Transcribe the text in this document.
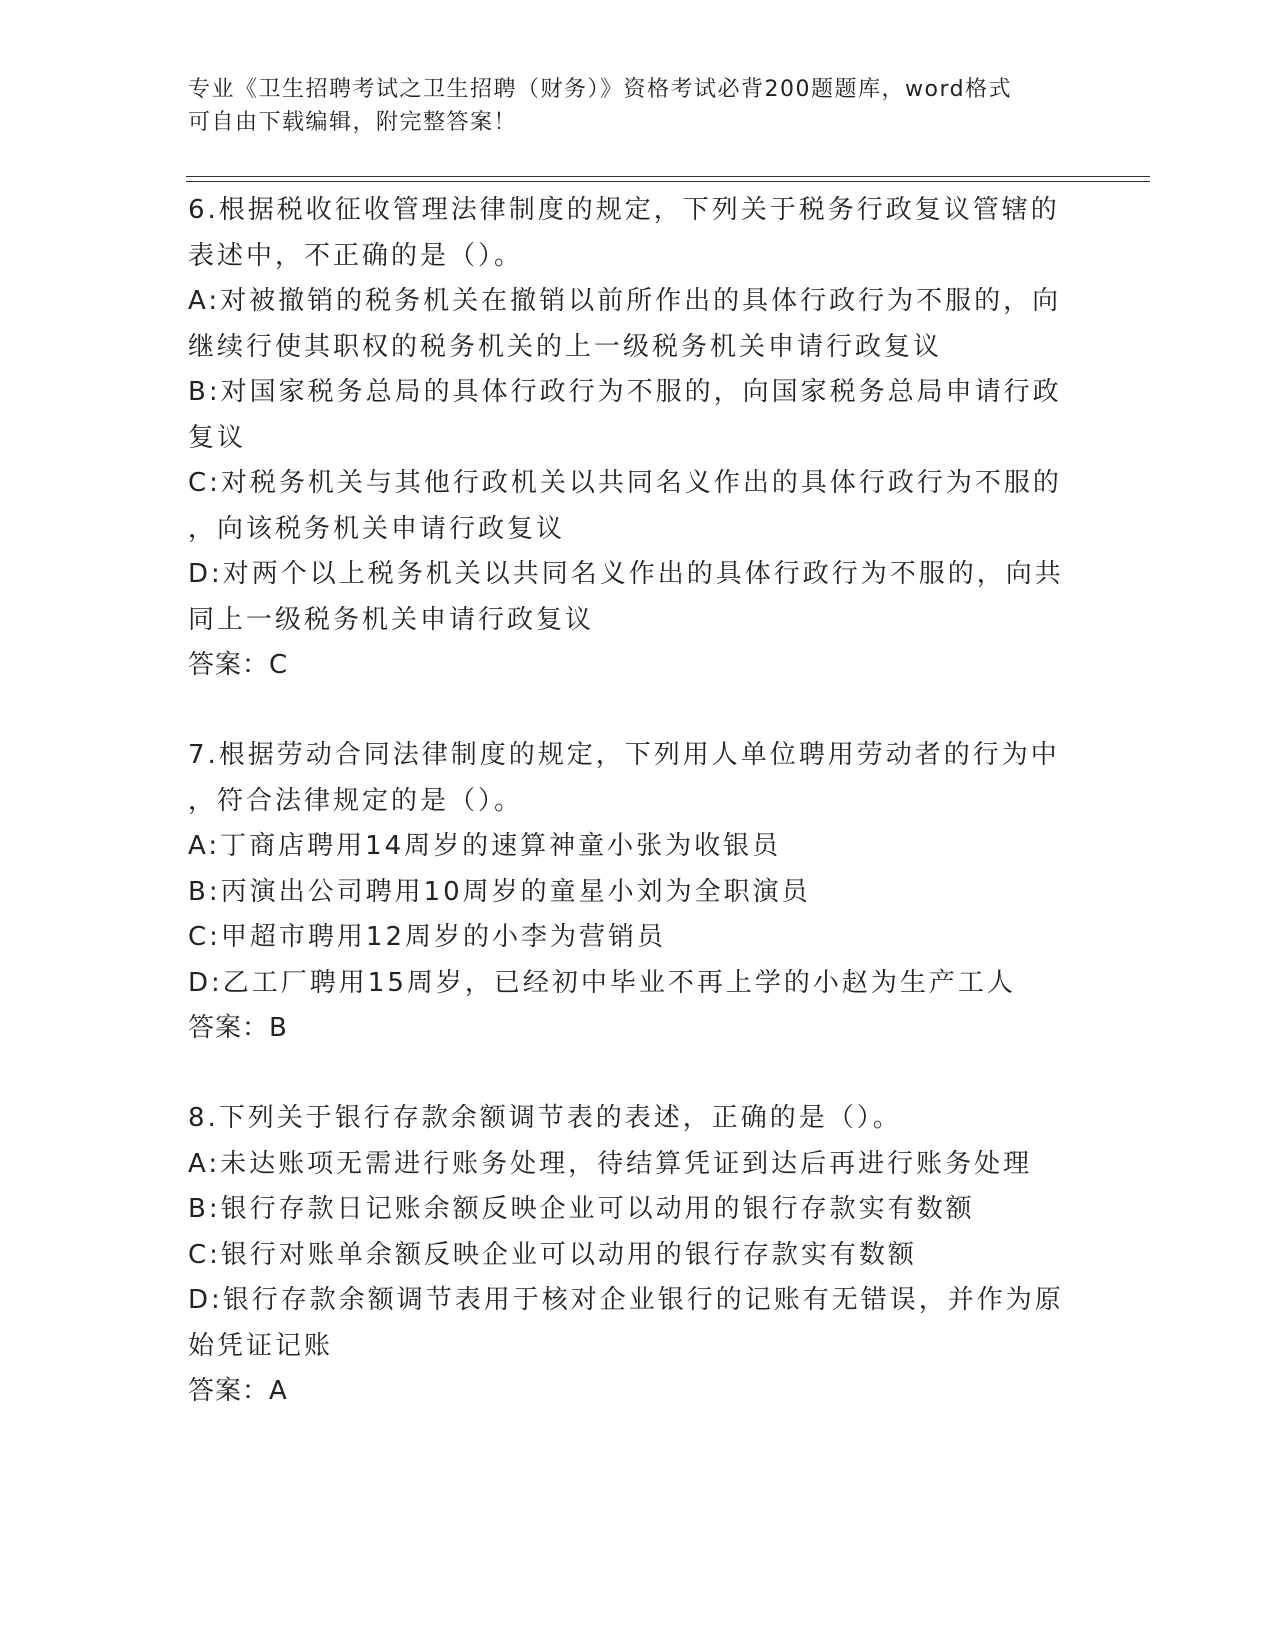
专业《卫生招聘考试之卫生招聘（财务）》资格考试必背200题题库，word格式
可自由下载编辑，附完整答案！
6.根据税收征收管理法律制度的规定，下列关于税务行政复议管辖的
表述中，不正确的是（）。
A:对被撤销的税务机关在撤销以前所作出的具体行政行为不服的，向
继续行使其职权的税务机关的上一级税务机关申请行政复议
B:对国家税务总局的具体行政行为不服的，向国家税务总局申请行政
复议
C:对税务机关与其他行政机关以共同名义作出的具体行政行为不服的
，向该税务机关申请行政复议
D:对两个以上税务机关以共同名义作出的具体行政行为不服的，向共
同上一级税务机关申请行政复议
答案：C
7.根据劳动合同法律制度的规定，下列用人单位聘用劳动者的行为中
，符合法律规定的是（）。
A:丁商店聘用14周岁的速算神童小张为收银员
B:丙演出公司聘用10周岁的童星小刘为全职演员
C:甲超市聘用12周岁的小李为营销员
D:乙工厂聘用15周岁，已经初中毕业不再上学的小赵为生产工人
答案：B
8.下列关于银行存款余额调节表的表述，正确的是（）。
A:未达账项无需进行账务处理，待结算凭证到达后再进行账务处理
B:银行存款日记账余额反映企业可以动用的银行存款实有数额
C:银行对账单余额反映企业可以动用的银行存款实有数额
D:银行存款余额调节表用于核对企业银行的记账有无错误，并作为原
始凭证记账
答案：A
